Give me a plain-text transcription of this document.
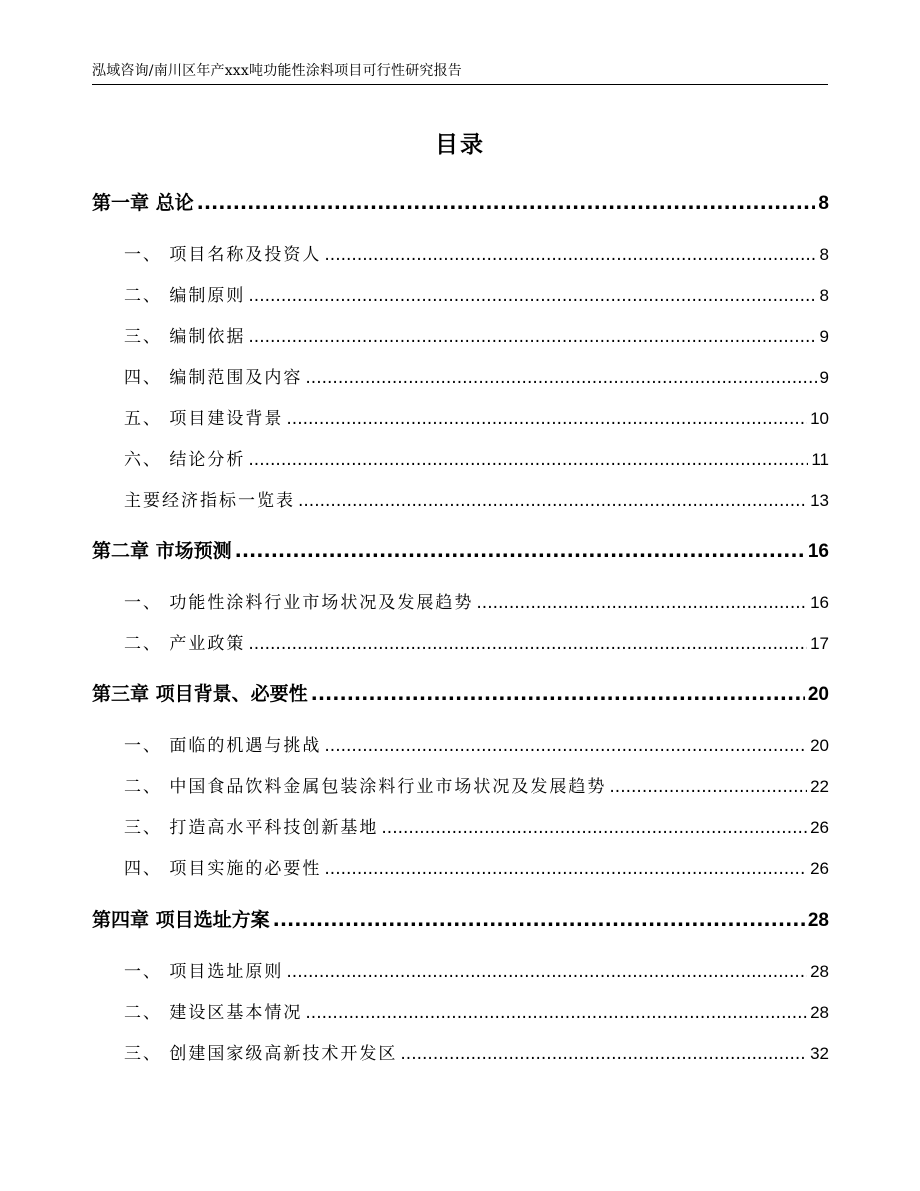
泓域咨询/南川区年产xxx吨功能性涂料项目可行性研究报告
目录
第一章 总论 .....	8
一、 项目名称及投资人 .....	8
二、 编制原则 .....	8
三、 编制依据 .....	9
四、 编制范围及内容 .....	9
五、 项目建设背景 .....	10
六、 结论分析 .....	11
主要经济指标一览表 .....	13
第二章 市场预测 .....	16
一、 功能性涂料行业市场状况及发展趋势 .....	16
二、 产业政策 .....	17
第三章 项目背景、必要性 .....	20
一、 面临的机遇与挑战 .....	20
二、 中国食品饮料金属包装涂料行业市场状况及发展趋势 .....	22
三、 打造高水平科技创新基地 .....	26
四、 项目实施的必要性 .....	26
第四章 项目选址方案 .....	28
一、 项目选址原则 .....	28
二、 建设区基本情况 .....	28
三、 创建国家级高新技术开发区 .....	32
